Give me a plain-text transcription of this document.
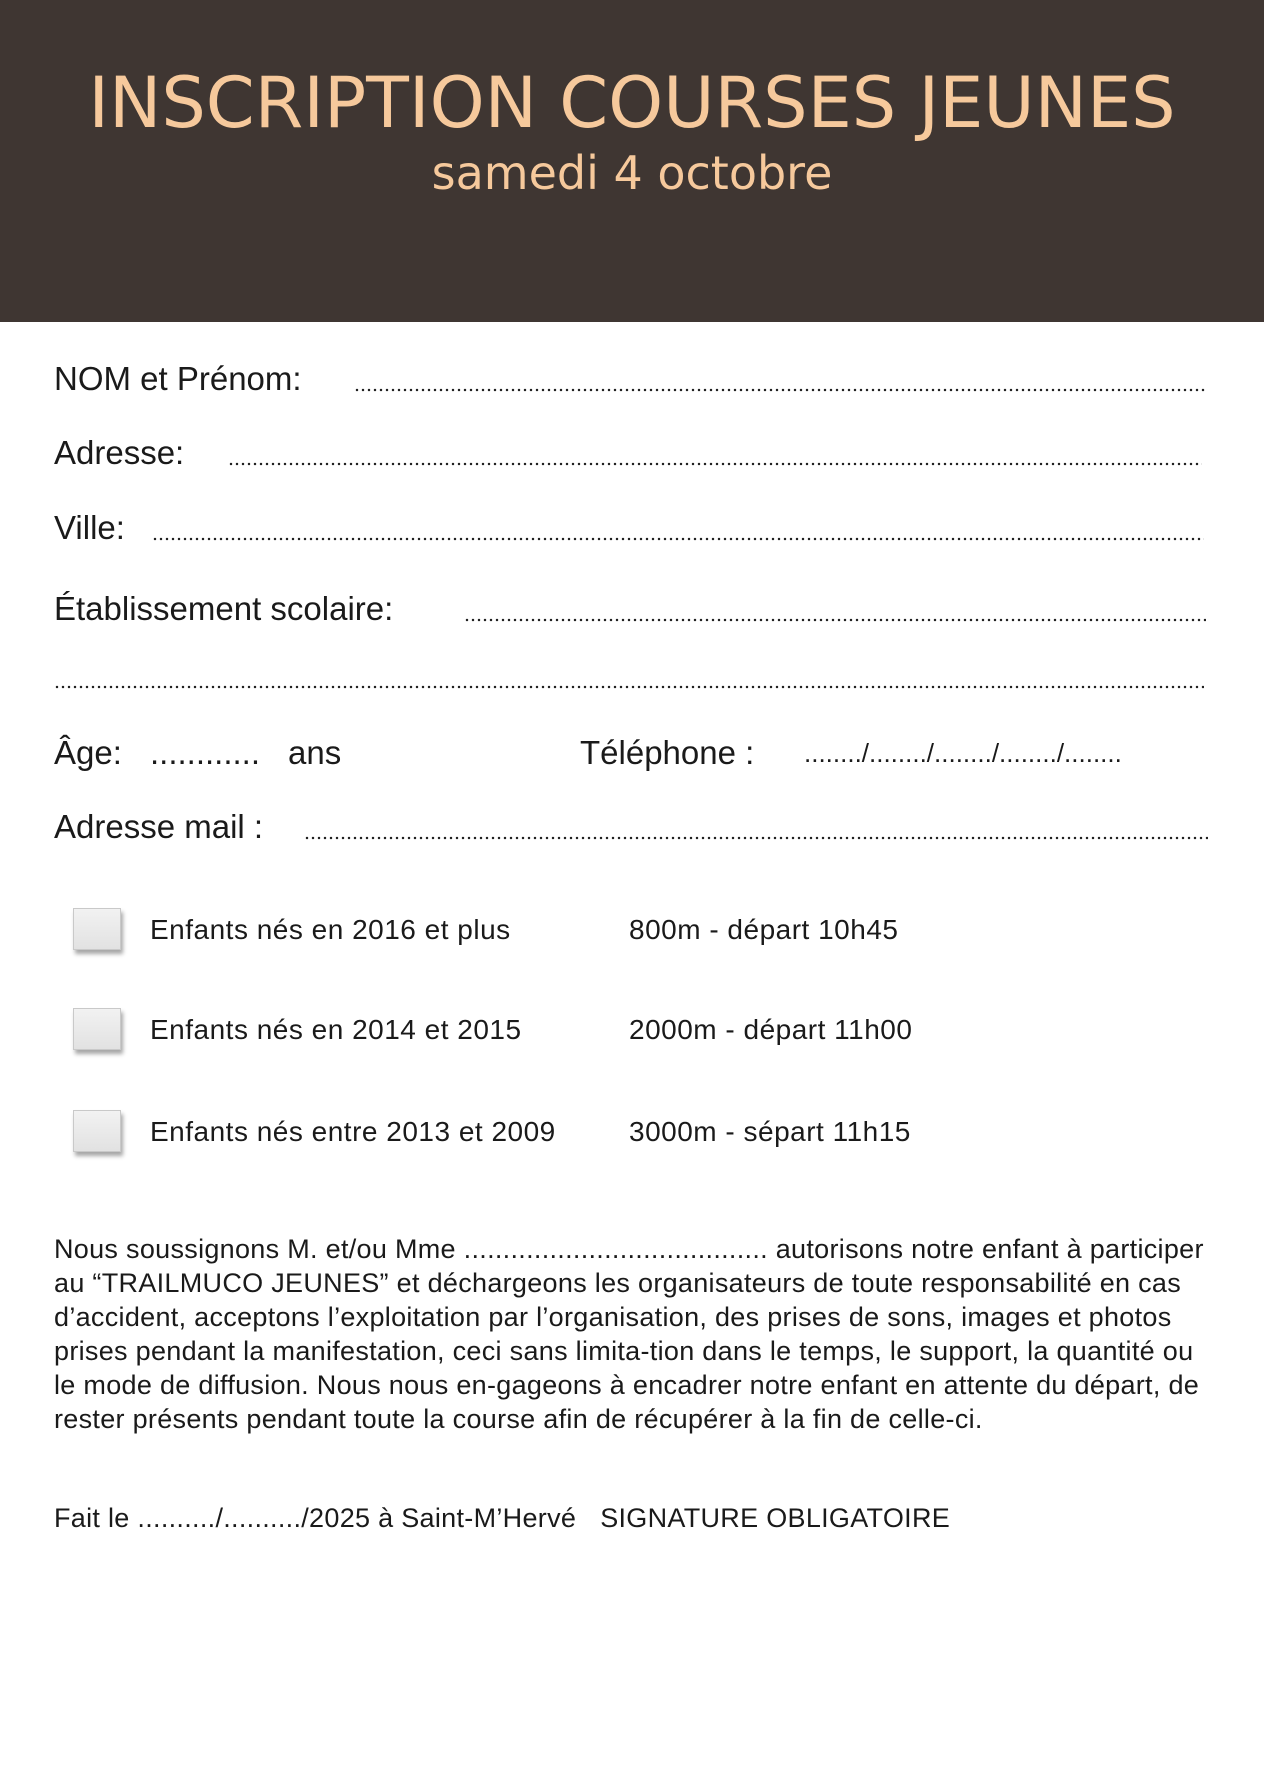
INSCRIPTION COURSES JEUNES
samedi 4 octobre
NOM et Prénom:
Adresse:
Ville:
Établissement scolaire:
Âge: ............ ans	Téléphone : ......../......../......../......../........
Adresse mail :
Enfants nés en 2016 et plus	800m - départ 10h45
Enfants nés en 2014 et 2015	2000m - départ 11h00
Enfants nés entre 2013 et 2009	3000m - sépart 11h15
Nous soussignons M. et/ou Mme ....................................... autorisons notre enfant à participer au “TRAILMUCO JEUNES” et déchargeons les organisateurs de toute responsabilité en cas d’accident, acceptons l’exploitation par l’organisation, des prises de sons, images et photos prises pendant la manifestation, ceci sans limita-tion dans le temps, le support, la quantité ou le mode de diffusion. Nous nous en-gageons à encadrer notre enfant en attente du départ, de rester présents pendant toute la course afin de récupérer à la fin de celle-ci.
Fait le ........../........../2025 à Saint-M’Hervé SIGNATURE OBLIGATOIRE
